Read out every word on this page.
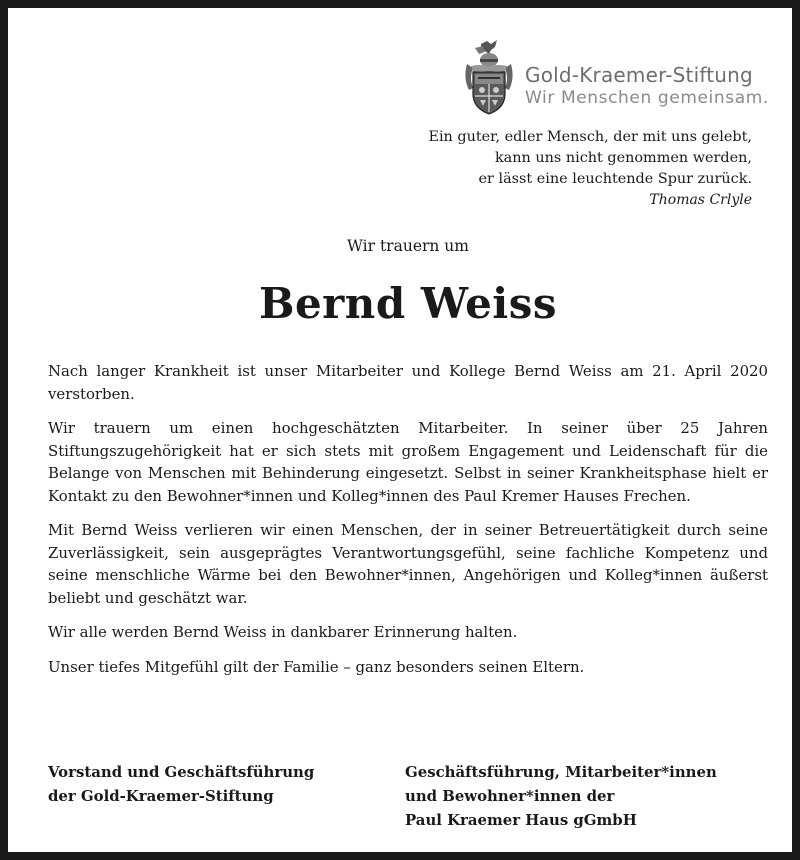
Gold-Kraemer-Stiftung
Wir Menschen gemeinsam.
Ein guter, edler Mensch, der mit uns gelebt,
kann uns nicht genommen werden,
er lässt eine leuchtende Spur zurück.
Thomas Crlyle
Wir trauern um
Bernd Weiss

Nach langer Krankheit ist unser Mitarbeiter und Kollege Bernd Weiss am 21. April 2020 verstorben.

Wir trauern um einen hochgeschätzten Mitarbeiter. In seiner über 25 Jahren Stiftungszugehörigkeit hat er sich stets mit großem Engagement und Leidenschaft für die Belange von Menschen mit Behinderung eingesetzt. Selbst in seiner Krankheitsphase hielt er Kontakt zu den Bewohner*innen und Kolleg*innen des Paul Kremer Hauses Frechen.

Mit Bernd Weiss verlieren wir einen Menschen, der in seiner Betreuertätigkeit durch seine Zuverlässigkeit, sein ausgeprägtes Verantwortungsgefühl, seine fachliche Kompetenz und seine menschliche Wärme bei den Bewohner*innen, Angehörigen und Kolleg*innen äußerst beliebt und geschätzt war.

Wir alle werden Bernd Weiss in dankbarer Erinnerung halten.

Unser tiefes Mitgefühl gilt der Familie – ganz besonders seinen Eltern.

Vorstand und Geschäftsführung
der Gold-Kraemer-Stiftung
Geschäftsführung, Mitarbeiter*innen
und Bewohner*innen der
Paul Kraemer Haus gGmbH
